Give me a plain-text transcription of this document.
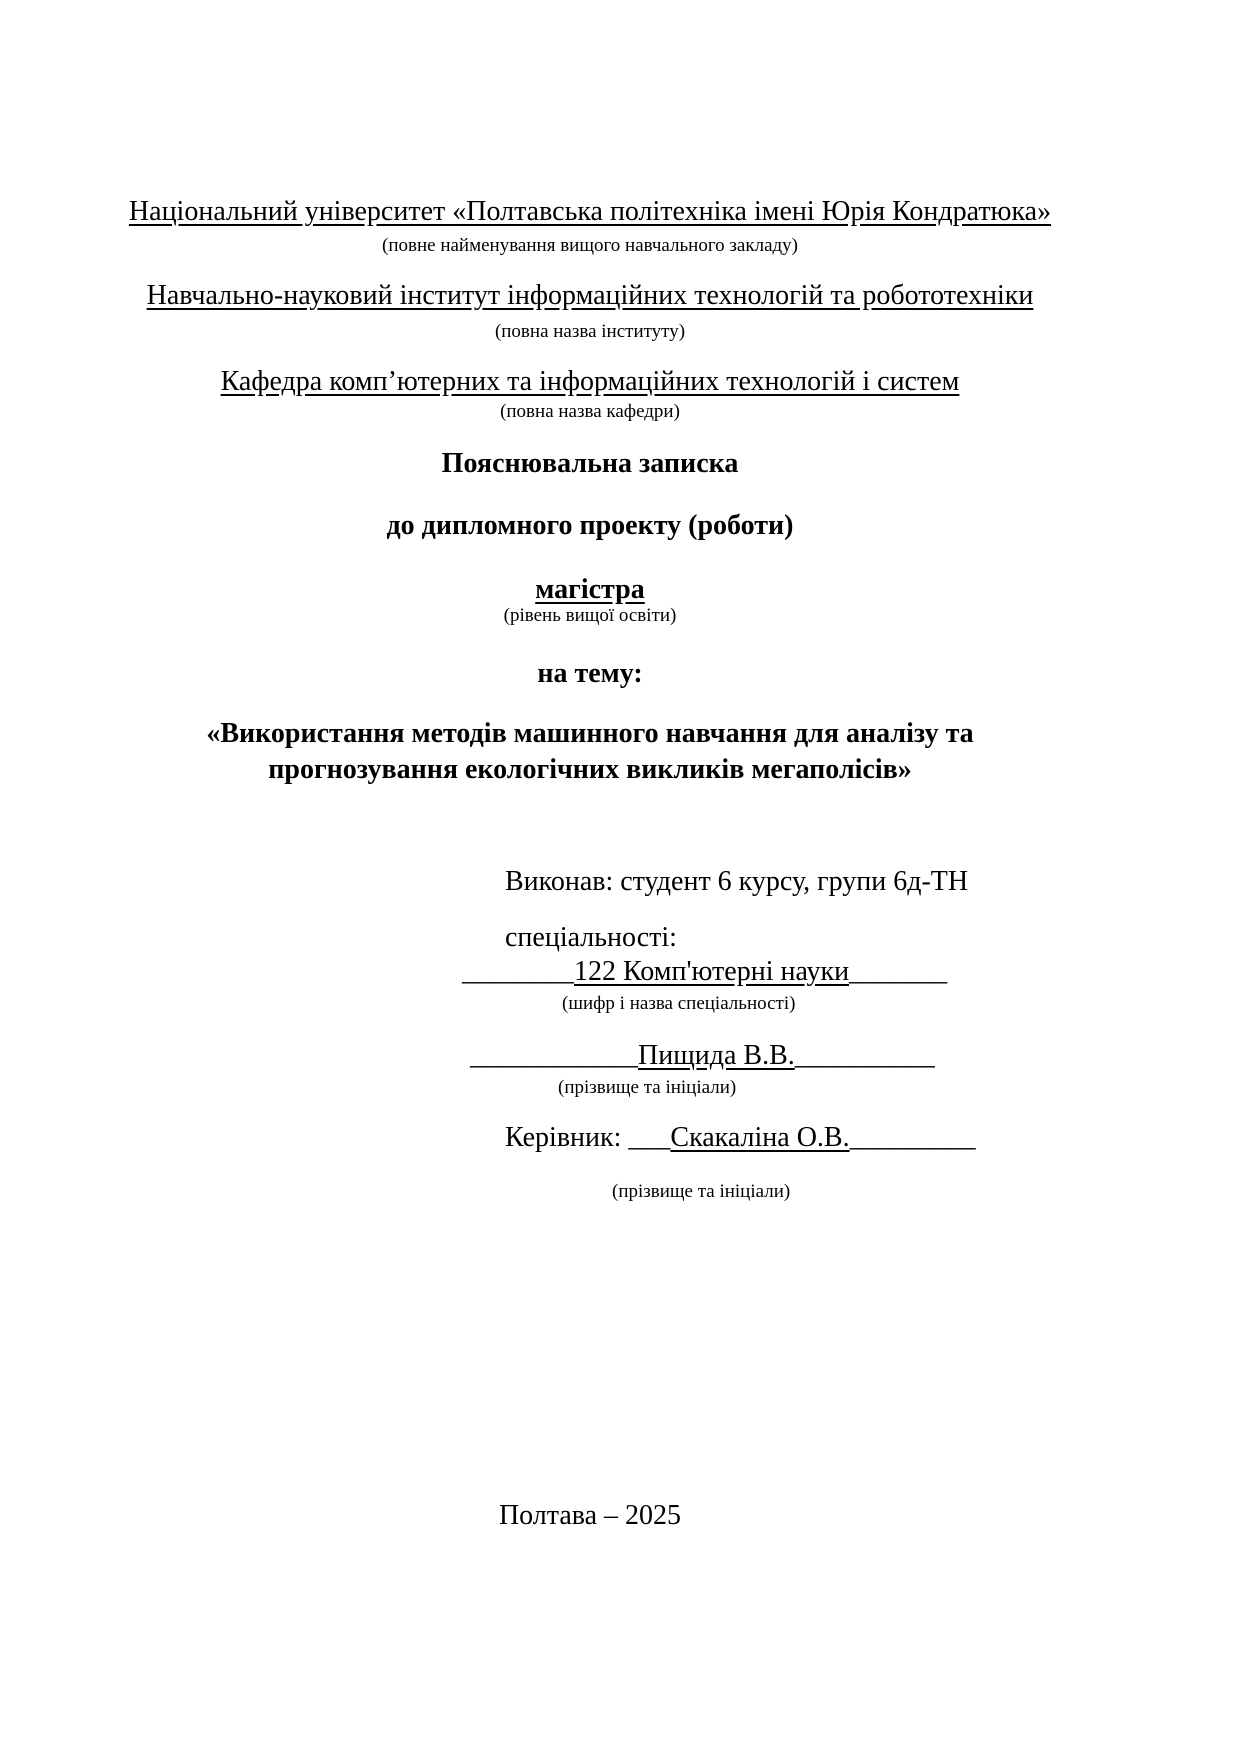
Національний університет «Полтавська політехніка імені Юрія Кондратюка»
(повне найменування вищого навчального закладу)
Навчально-науковий інститут інформаційних технологій та робототехніки
(повна назва інституту)
Кафедра комп’ютерних та інформаційних технологій і систем
(повна назва кафедри)
Пояснювальна записка
до дипломного проекту (роботи)
магістра
(рівень вищої освіти)
на тему:
«Використання методів машинного навчання для аналізу та
прогнозування екологічних викликів мегаполісів»
Виконав: студент 6 курсу, групи 6д-ТН
спеціальності:
________122 Комп'ютерні науки_______
(шифр і назва спеціальності)
____________Пищида В.В.__________
(прізвище та ініціали)
Керівник: ___Скакаліна О.В._________
(прізвище та ініціали)
Полтава – 2025
